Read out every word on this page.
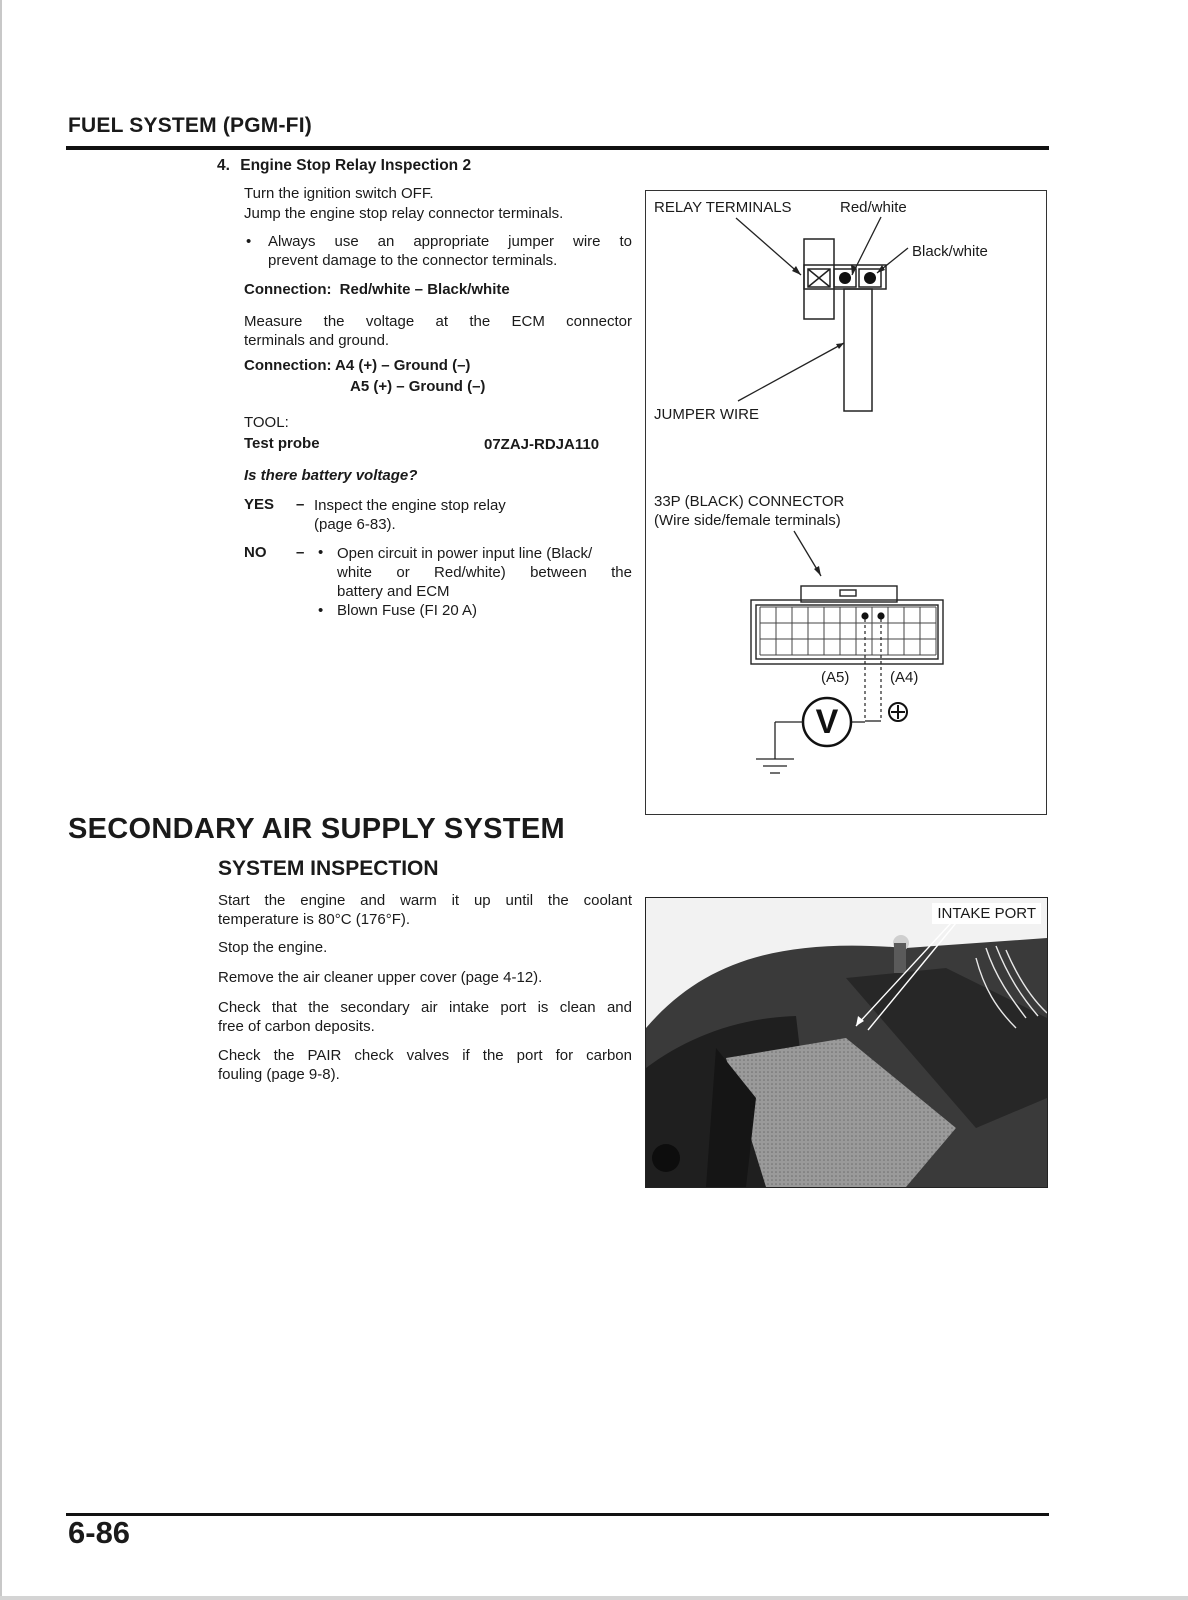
FUEL SYSTEM (PGM-FI)
4. Engine Stop Relay Inspection 2
Turn the ignition switch OFF.
Jump the engine stop relay connector terminals.
• Always use an appropriate jumper wire to
prevent damage to the connector terminals.
Connection: Red/white – Black/white
Measure the voltage at the ECM connector
terminals and ground.
Connection: A4 (+) – Ground (–)
A5 (+) – Ground (–)
TOOL:
Test probe	07ZAJ-RDJA110
Is there battery voltage?
YES – Inspect the engine stop relay
(page 6-83).
NO – • Open circuit in power input line (Black/
white or Red/white) between the
battery and ECM
• Blown Fuse (FI 20 A)
V
RELAY TERMINALS	Red/white
Black/white
JUMPER WIRE
33P (BLACK) CONNECTOR
(Wire side/female terminals)
(A5)	(A4)
SECONDARY AIR SUPPLY SYSTEM
SYSTEM INSPECTION
Start the engine and warm it up until the coolant
temperature is 80°C (176°F).
Stop the engine.
Remove the air cleaner upper cover (page 4-12).
Check that the secondary air intake port is clean and
free of carbon deposits.
Check the PAIR check valves if the port for carbon
fouling (page 9-8).
INTAKE PORT
6-86
